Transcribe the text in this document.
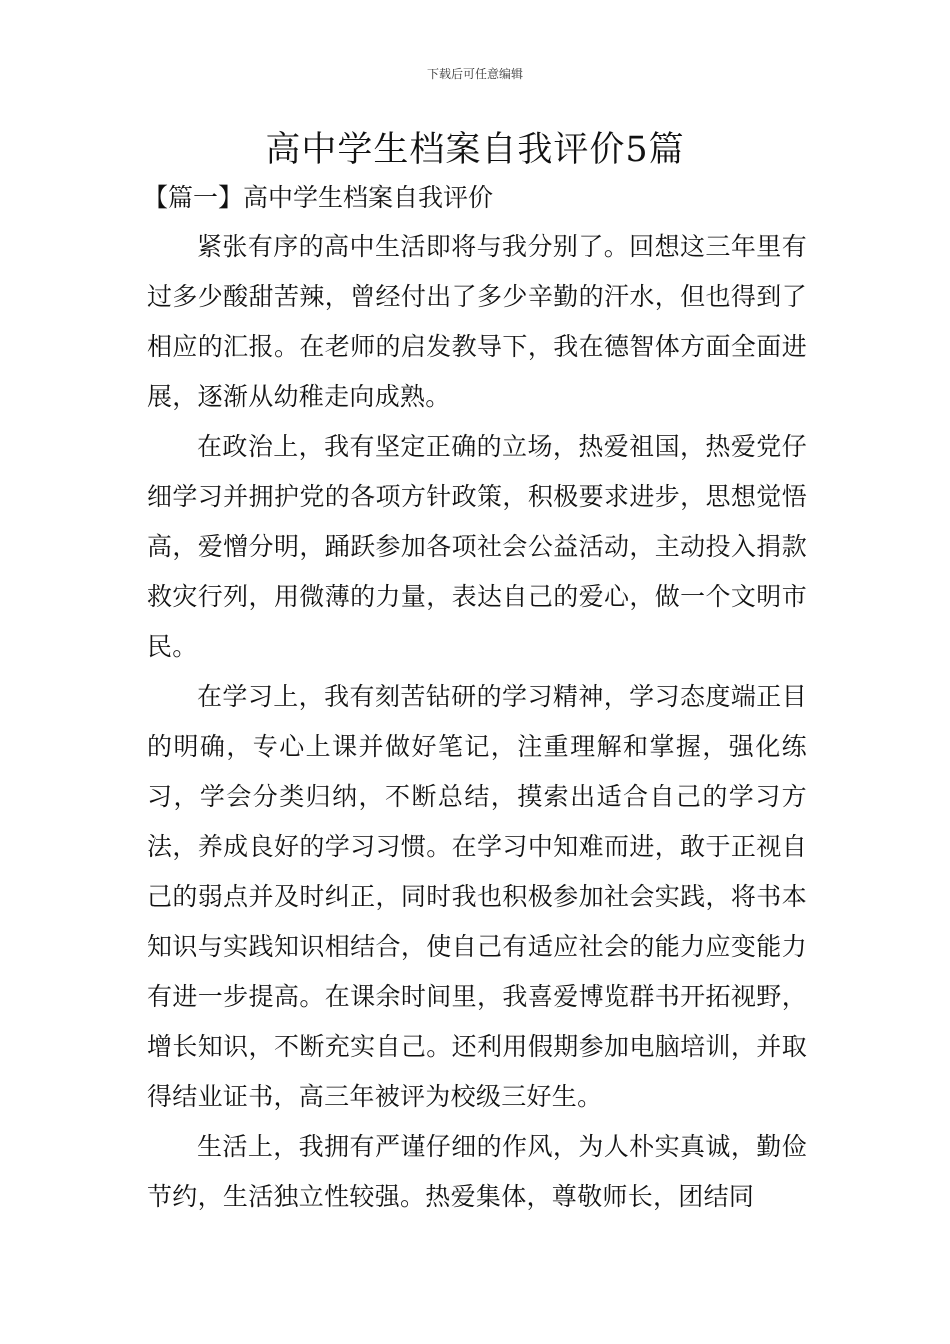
下载后可任意编辑
高中学生档案自我评价5篇
【篇一】高中学生档案自我评价

紧张有序的高中生活即将与我分别了。回想这三年里有过多少酸甜苦辣，曾经付出了多少辛勤的汗水，但也得到了相应的汇报。在老师的启发教导下，我在德智体方面全面进展，逐渐从幼稚走向成熟。

在政治上，我有坚定正确的立场，热爱祖国，热爱党仔细学习并拥护党的各项方针政策，积极要求进步，思想觉悟高，爱憎分明，踊跃参加各项社会公益活动，主动投入捐款救灾行列，用微薄的力量，表达自己的爱心，做一个文明市民。

在学习上，我有刻苦钻研的学习精神，学习态度端正目的明确，专心上课并做好笔记，注重理解和掌握，强化练习，学会分类归纳，不断总结，摸索出适合自己的学习方法，养成良好的学习习惯。在学习中知难而进，敢于正视自己的弱点并及时纠正，同时我也积极参加社会实践，将书本知识与实践知识相结合，使自己有适应社会的能力应变能力有进一步提高。在课余时间里，我喜爱博览群书开拓视野，增长知识，不断充实自己。还利用假期参加电脑培训，并取得结业证书，高三年被评为校级三好生。

生活上，我拥有严谨仔细的作风，为人朴实真诚，勤俭节约，生活独立性较强。热爱集体，尊敬师长，团结同
